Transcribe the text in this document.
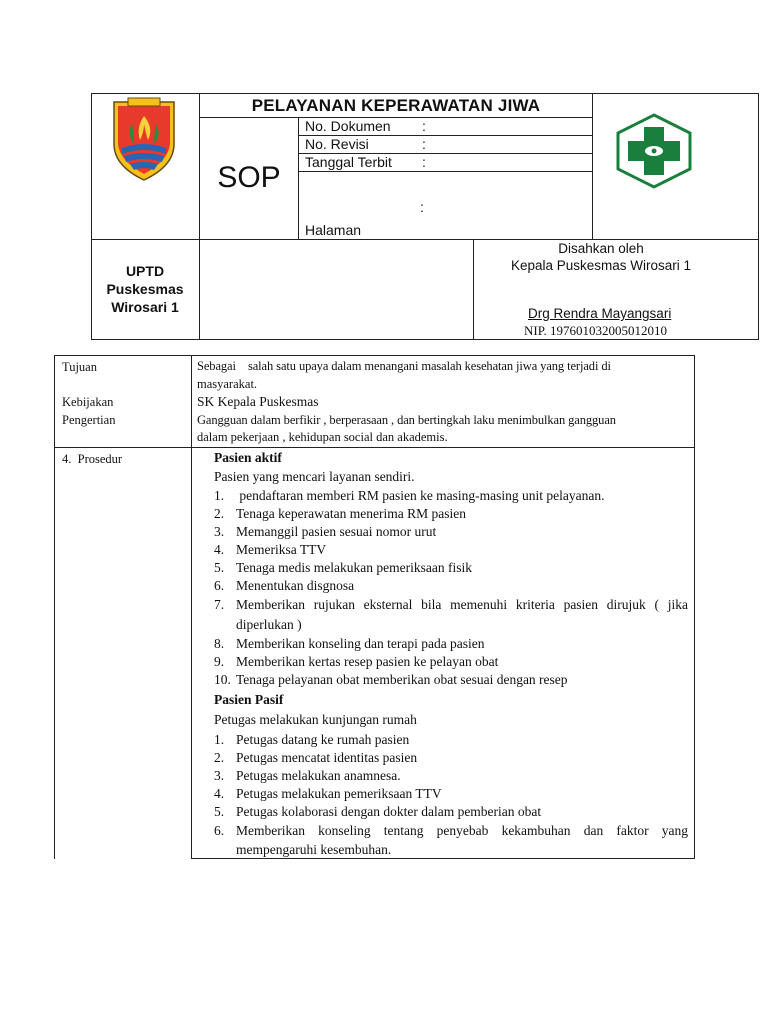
PELAYANAN KEPERAWATAN JIWA
SOP
No. Dokumen :
No. Revisi	:
Tanggal Terbit :
:
Halaman
UPTD
Puskesmas
Wirosari 1
Disahkan oleh
Kepala Puskesmas Wirosari 1
Drg Rendra Mayangsari
NIP. 197601032005012010
Tujuan	Sebagai    salah satu upaya dalam menangani masalah kesehatan jiwa yang terjadi di
masyarakat.
Kebijakan	SK Kepala Puskesmas
Pengertian	Gangguan dalam berfikir , berperasaan , dan bertingkah laku menimbulkan gangguan
dalam pekerjaan , kehidupan social dan akademis.
4.  Prosedur	Pasien aktif
Pasien yang mencari layanan sendiri.
1. pendaftaran memberi RM pasien ke masing-masing unit pelayanan.
2. Tenaga keperawatan menerima RM pasien
3. Memanggil pasien sesuai nomor urut
4. Memeriksa TTV
5. Tenaga medis melakukan pemeriksaan fisik
6. Menentukan disgnosa
7. Memberikan rujukan eksternal bila memenuhi kriteria pasien dirujuk ( jika diperlukan )
8. Memberikan konseling dan terapi pada pasien
9. Memberikan kertas resep pasien ke pelayan obat
10. Tenaga pelayanan obat memberikan obat sesuai dengan resep
Pasien Pasif
Petugas melakukan kunjungan rumah
1. Petugas datang ke rumah pasien
2. Petugas mencatat identitas pasien
3. Petugas melakukan anamnesa.
4. Petugas melakukan pemeriksaan TTV
5. Petugas kolaborasi dengan dokter dalam pemberian obat
6. Memberikan konseling tentang penyebab kekambuhan dan faktor yang mempengaruhi kesembuhan.
